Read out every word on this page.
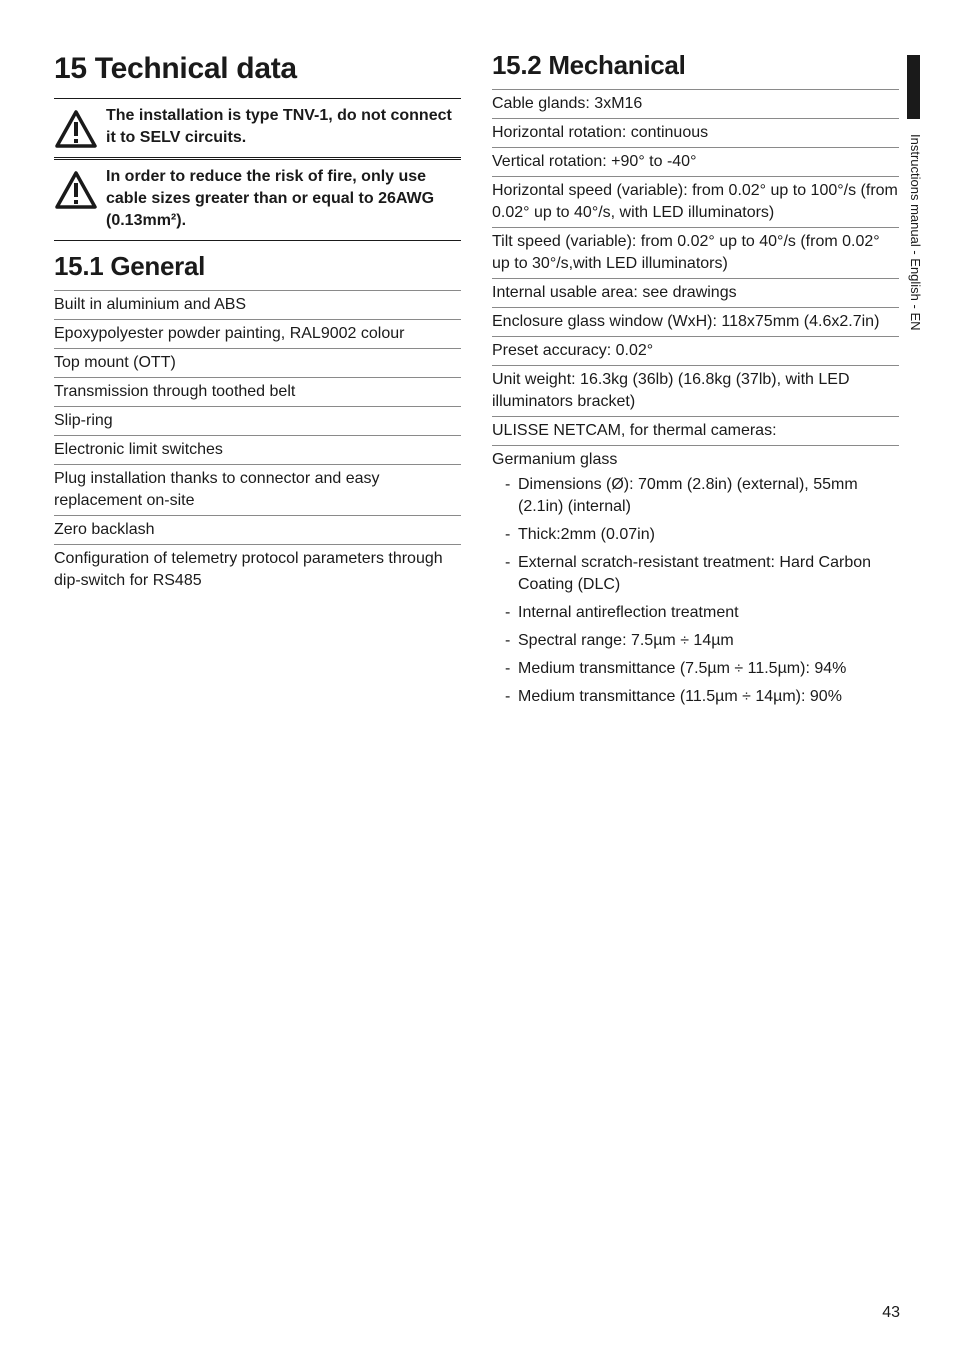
15 Technical data
The installation is type TNV-1, do not connect it to SELV circuits.
In order to reduce the risk of fire, only use cable sizes greater than or equal to 26AWG (0.13mm²).
15.1 General
Built in aluminium and ABS
Epoxypolyester powder painting, RAL9002 colour
Top mount (OTT)
Transmission through toothed belt
Slip-ring
Electronic limit switches
Plug installation thanks to connector and easy replacement on-site
Zero backlash
Configuration of telemetry protocol parameters through dip-switch for RS485
15.2 Mechanical
Cable glands: 3xM16
Horizontal rotation: continuous
Vertical rotation: +90° to -40°
Horizontal speed (variable): from 0.02° up to 100°/s (from 0.02° up to 40°/s, with LED illuminators)
Tilt speed (variable): from 0.02° up to 40°/s (from 0.02° up to 30°/s,with LED illuminators)
Internal usable area: see drawings
Enclosure glass window (WxH): 118x75mm (4.6x2.7in)
Preset accuracy: 0.02°
Unit weight: 16.3kg (36lb) (16.8kg (37lb), with LED illuminators bracket)
ULISSE NETCAM, for thermal cameras:
Germanium glass
- Dimensions (Ø): 70mm (2.8in) (external), 55mm (2.1in) (internal)
- Thick:2mm (0.07in)
- External scratch-resistant treatment: Hard Carbon Coating (DLC)
- Internal antireflection treatment
- Spectral range: 7.5µm ÷ 14µm
- Medium transmittance (7.5µm ÷ 11.5µm): 94%
- Medium transmittance (11.5µm ÷ 14µm): 90%
Instructions manual - English - EN
43
